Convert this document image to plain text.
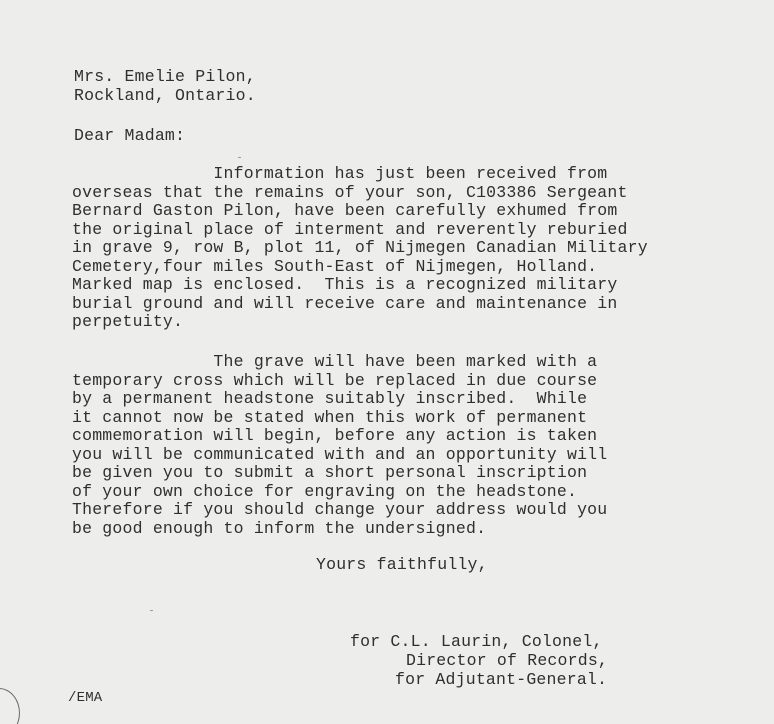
Mrs. Emelie Pilon,
Rockland, Ontario.
Dear Madam:
Information has just been received from
overseas that the remains of your son, C103386 Sergeant
Bernard Gaston Pilon, have been carefully exhumed from
the original place of interment and reverently reburied
in grave 9, row B, plot 11, of Nijmegen Canadian Military
Cemetery,four miles South-East of Nijmegen, Holland.
Marked map is enclosed.  This is a recognized military
burial ground and will receive care and maintenance in
perpetuity.
The grave will have been marked with a
temporary cross which will be replaced in due course
by a permanent headstone suitably inscribed.  While
it cannot now be stated when this work of permanent
commemoration will begin, before any action is taken
you will be communicated with and an opportunity will
be given you to submit a short personal inscription
of your own choice for engraving on the headstone.
Therefore if you should change your address would you
be good enough to inform the undersigned.
Yours faithfully,
for C.L. Laurin, Colonel,
Director of Records,
for Adjutant-General.
/EMA
